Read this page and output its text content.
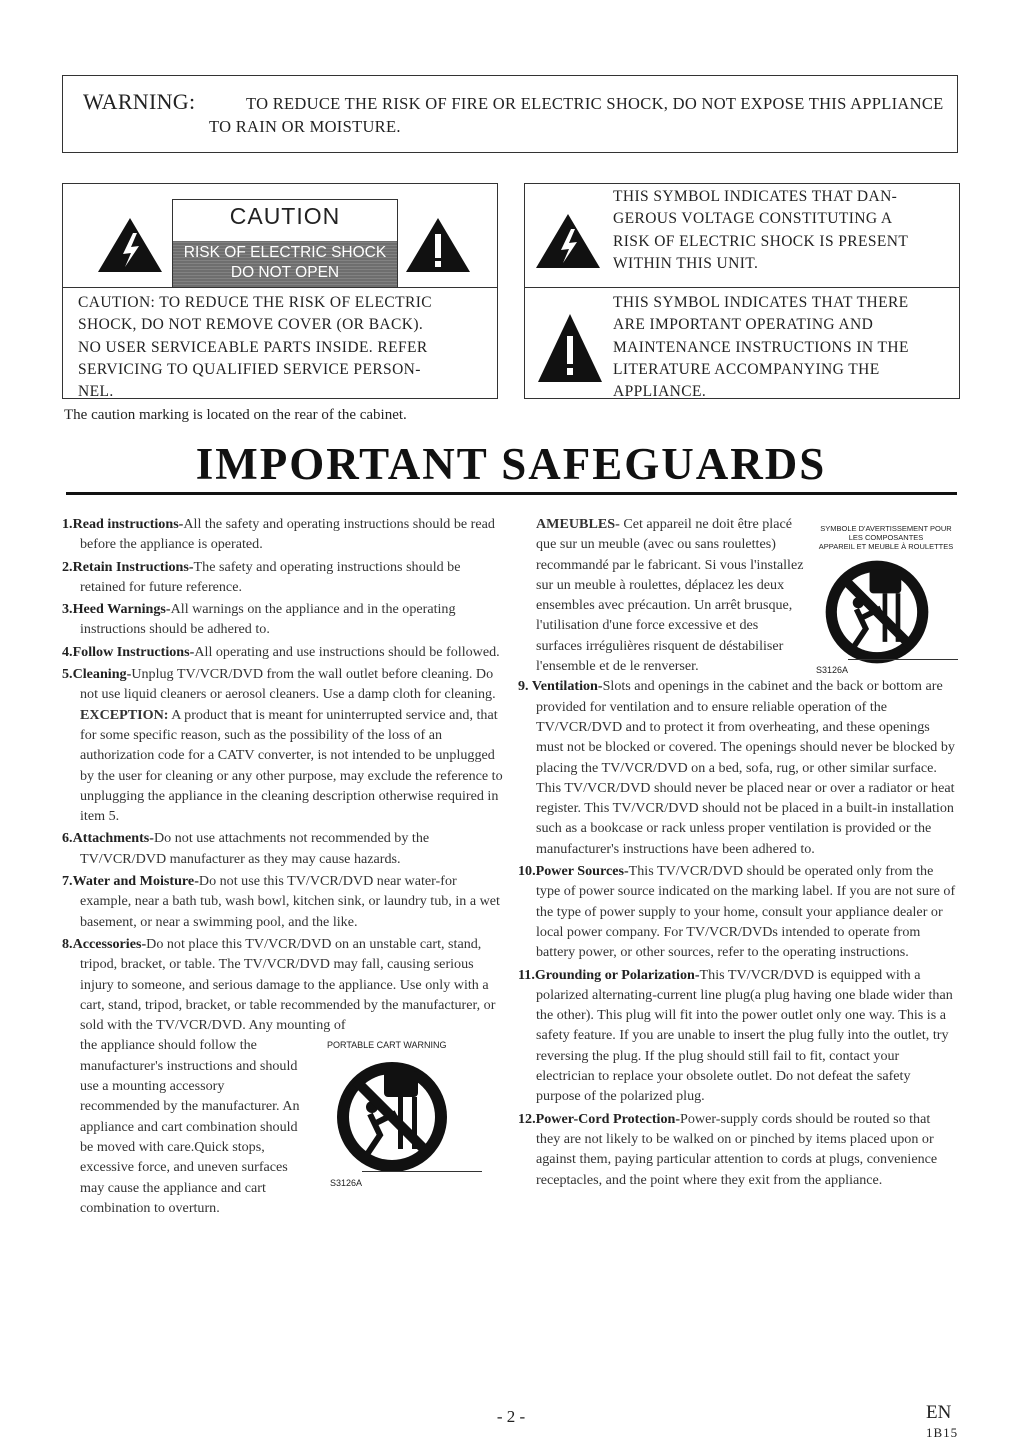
WARNING:	TO REDUCE THE RISK OF FIRE OR ELECTRIC SHOCK, DO NOT EXPOSE THIS APPLIANCE
TO RAIN OR MOISTURE.
CAUTION
RISK OF ELECTRIC SHOCK
DO NOT OPEN
CAUTION: TO REDUCE THE RISK OF ELECTRIC
SHOCK, DO NOT REMOVE COVER (OR BACK).
NO USER SERVICEABLE PARTS INSIDE. REFER
SERVICING TO QUALIFIED SERVICE PERSON-
NEL.
The caution marking is located on the rear of the cabinet.
THIS SYMBOL INDICATES THAT DAN-
GEROUS VOLTAGE CONSTITUTING A
RISK OF ELECTRIC SHOCK IS PRESENT
WITHIN THIS UNIT.
THIS SYMBOL INDICATES THAT THERE
ARE IMPORTANT OPERATING AND
MAINTENANCE INSTRUCTIONS IN THE
LITERATURE ACCOMPANYING THE
APPLIANCE.
IMPORTANT SAFEGUARDS

1.Read instructions-All the safety and operating instructions should be read before the appliance is operated.

2.Retain Instructions-The safety and operating instructions should be retained for future reference.

3.Heed Warnings-All warnings on the appliance and in the operating instructions should be adhered to.

4.Follow Instructions-All operating and use instructions should be followed.

5.Cleaning-Unplug TV/VCR/DVD from the wall outlet before cleaning. Do not use liquid cleaners or aerosol cleaners. Use a damp cloth for cleaning.

EXCEPTION: A product that is meant for uninterrupted service and, that for some specific reason, such as the possibility of the loss of an authorization code for a CATV converter, is not intended to be unplugged by the user for cleaning or any other purpose, may exclude the reference to unplugging the appliance in the cleaning description otherwise required in item 5.

6.Attachments-Do not use attachments not recommended by the TV/VCR/DVD manufacturer as they may cause hazards.

7.Water and Moisture-Do not use this TV/VCR/DVD near water-for example, near a bath tub, wash bowl, kitchen sink, or laundry tub, in a wet basement, or near a swimming pool, and the like.

8.Accessories-Do not place this TV/VCR/DVD on an unstable cart, stand, tripod, bracket, or table. The TV/VCR/DVD may fall, causing serious injury to someone, and serious damage to the appliance. Use only with a cart, stand, tripod, bracket, or table recommended by the manufacturer, or sold with the TV/VCR/DVD. Any mounting of

the appliance should follow the manufacturer's instructions and should use a mounting accessory recommended by the manufacturer. An appliance and cart combination should be moved with care.Quick stops, excessive force, and uneven surfaces may cause the appliance and cart combination to overturn.

PORTABLE CART WARNING
S3126A

AMEUBLES- Cet appareil ne doit être placé que sur un meuble (avec ou sans roulettes) recommandé par le fabricant. Si vous l'installez sur un meuble à roulettes, déplacez les deux ensembles avec précaution. Un arrêt brusque, l'utilisation d'une force excessive et des surfaces irrégulières risquent de déstabiliser l'ensemble et de le renverser.

SYMBOLE D'AVERTISSEMENT POUR
LES COMPOSANTES
APPAREIL ET MEUBLE À ROULETTES
S3126A

9. Ventilation-Slots and openings in the cabinet and the back or bottom are provided for ventilation and to ensure reliable operation of the TV/VCR/DVD and to protect it from overheating, and these openings must not be blocked or covered. The openings should never be blocked by placing the TV/VCR/DVD on a bed, sofa, rug, or other similar surface. This TV/VCR/DVD should never be placed near or over a radiator or heat register. This TV/VCR/DVD should not be placed in a built-in installation such as a bookcase or rack unless proper ventilation is provided or the manufacturer's instructions have been adhered to.

10.Power Sources-This TV/VCR/DVD should be operated only from the type of power source indicated on the marking label. If you are not sure of the type of power supply to your home, consult your appliance dealer or local power company. For TV/VCR/DVDs intended to operate from battery power, or other sources, refer to the operating instructions.

11.Grounding or Polarization-This TV/VCR/DVD is equipped with a polarized alternating-current line plug(a plug having one blade wider than the other). This plug will fit into the power outlet only one way. This is a safety feature. If you are unable to insert the plug fully into the outlet, try reversing the plug. If the plug should still fail to fit, contact your electrician to replace your obsolete outlet. Do not defeat the safety purpose of the polarized plug.

12.Power-Cord Protection-Power-supply cords should be routed so that they are not likely to be walked on or pinched by items placed upon or against them, paying particular attention to cords at plugs, convenience receptacles, and the point where they exit from the appliance.

- 2 -	EN
1B15
